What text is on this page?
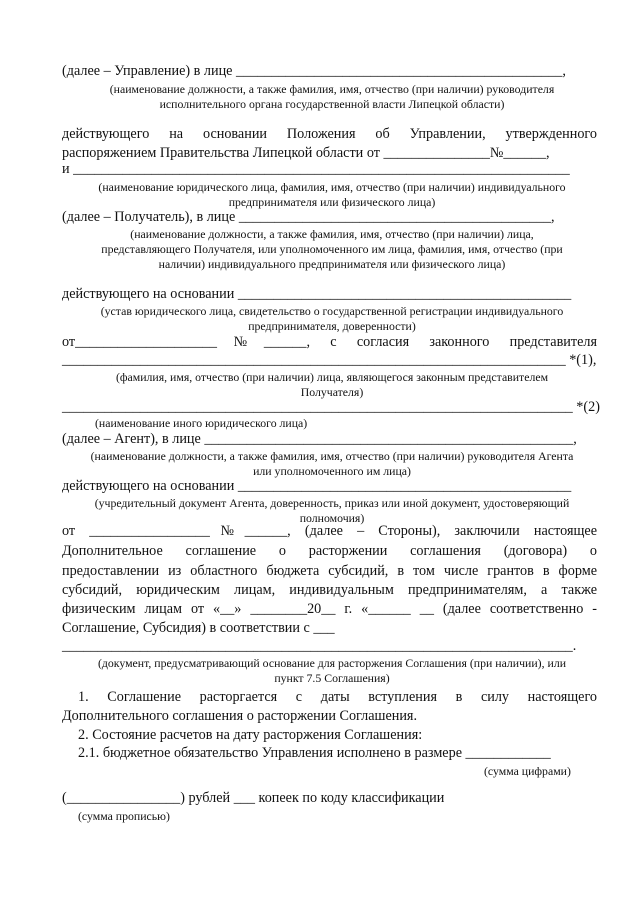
(далее – Управление) в лице ______________________________________________,
(наименование должности, а также фамилия, имя, отчество (при наличии) руководителя
исполнительного органа государственной власти Липецкой области)
действующего на основании Положения об Управлении, утвержденного
распоряжением Правительства Липецкой области от _______________№______,
и ______________________________________________________________________
(наименование юридического лица, фамилия, имя, отчество (при наличии) индивидуального
предпринимателя или физического лица)
(далее – Получатель), в лице ____________________________________________,
(наименование должности, а также фамилия, имя, отчество (при наличии) лица,
представляющего Получателя, или уполномоченного им лица, фамилия, имя, отчество (при
наличии) индивидуального предпринимателя или физического лица)
действующего на основании _______________________________________________
(устав юридического лица, свидетельство о государственной регистрации индивидуального
предпринимателя, доверенности)
от____________________№______, с согласия законного представителя
_______________________________________________________________________ *(1),
(фамилия, имя, отчество (при наличии) лица, являющегося законным представителем
Получателя)
________________________________________________________________________ *(2)
(наименование иного юридического лица)
(далее – Агент), в лице ____________________________________________________,
(наименование должности, а также фамилия, имя, отчество (при наличии) руководителя Агента
или уполномоченного им лица)
действующего на основании _______________________________________________
(учредительный документ Агента, доверенность, приказ или иной документ, удостоверяющий
полномочия)
от _________________№______, (далее – Стороны), заключили настоящее
Дополнительное соглашение о расторжении соглашения (договора) о
предоставлении из областного бюджета субсидий, в том числе грантов в форме
субсидий, юридическим лицам, индивидуальным предпринимателям, а также
физическим лицам от «__» ________20__ г. «______ __ (далее соответственно -
Соглашение, Субсидия) в соответствии с ___
________________________________________________________________________.
(документ, предусматривающий основание для расторжения Соглашения (при наличии), или
пункт 7.5 Соглашения)
1. Соглашение расторгается с даты вступления в силу настоящего
Дополнительного соглашения о расторжении Соглашения.
2. Состояние расчетов на дату расторжения Соглашения:
2.1. бюджетное обязательство Управления исполнено в размере ____________
(сумма цифрами)
(________________) рублей ___ копеек по коду классификации
(сумма прописью)
